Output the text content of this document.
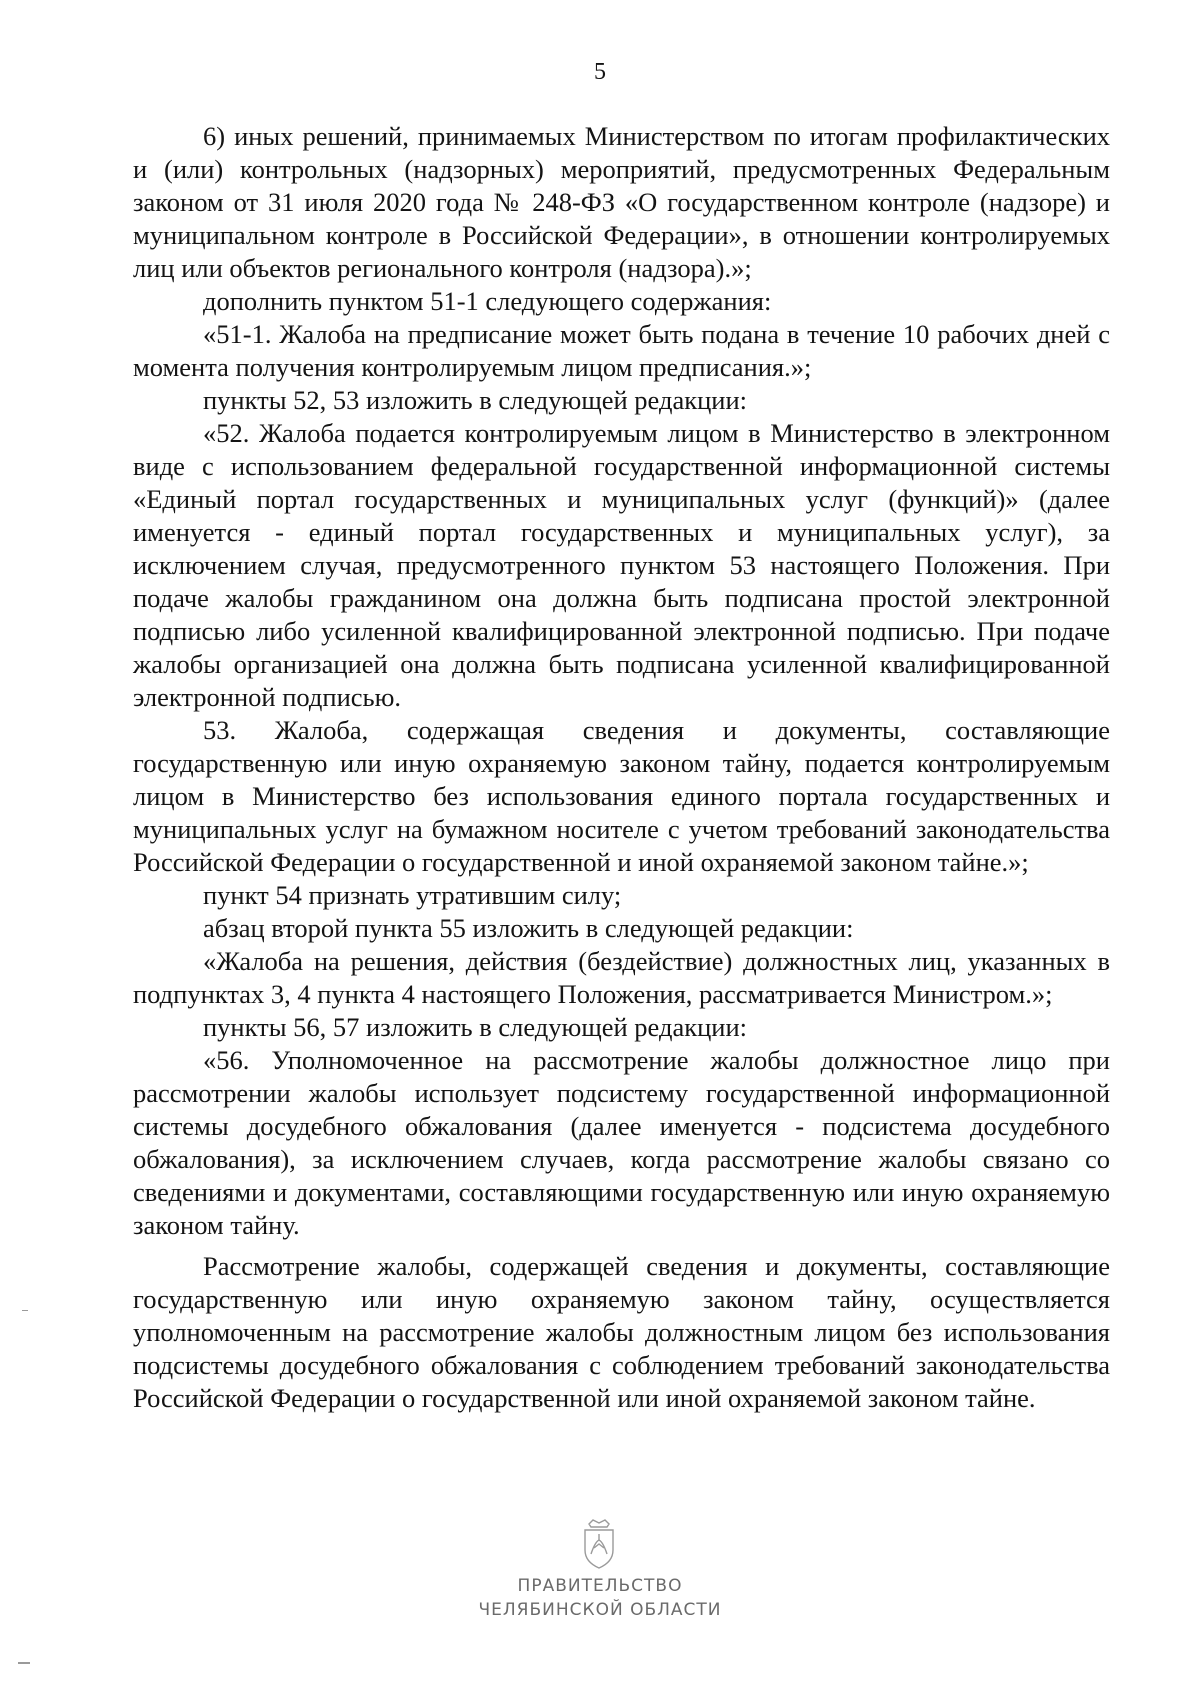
5

6) иных решений, принимаемых Министерством по итогам профилактических и (или) контрольных (надзорных) мероприятий, предусмотренных Федеральным законом от 31 июля 2020 года № 248-ФЗ «О государственном контроле (надзоре) и муниципальном контроле в Российской Федерации», в отношении контролируемых лиц или объектов регионального контроля (надзора).»;

дополнить пунктом 51-1 следующего содержания:

«51-1. Жалоба на предписание может быть подана в течение 10 рабочих дней с момента получения контролируемым лицом предписания.»;

пункты 52, 53 изложить в следующей редакции:

«52. Жалоба подается контролируемым лицом в Министерство в электронном виде с использованием федеральной государственной информационной системы «Единый портал государственных и муниципальных услуг (функций)» (далее именуется - единый портал государственных и муниципальных услуг), за исключением случая, предусмотренного пунктом 53 настоящего Положения. При подаче жалобы гражданином она должна быть подписана простой электронной подписью либо усиленной квалифицированной электронной подписью. При подаче жалобы организацией она должна быть подписана усиленной квалифицированной электронной подписью.

53. Жалоба, содержащая сведения и документы, составляющие государственную или иную охраняемую законом тайну, подается контролируемым лицом в Министерство без использования единого портала государственных и муниципальных услуг на бумажном носителе с учетом требований законодательства Российской Федерации о государственной и иной охраняемой законом тайне.»;

пункт 54 признать утратившим силу;

абзац второй пункта 55 изложить в следующей редакции:

«Жалоба на решения, действия (бездействие) должностных лиц, указанных в подпунктах 3, 4 пункта 4 настоящего Положения, рассматривается Министром.»;

пункты 56, 57 изложить в следующей редакции:

«56. Уполномоченное на рассмотрение жалобы должностное лицо при рассмотрении жалобы использует подсистему государственной информационной системы досудебного обжалования (далее именуется - подсистема досудебного обжалования), за исключением случаев, когда рассмотрение жалобы связано со сведениями и документами, составляющими государственную или иную охраняемую законом тайну.

Рассмотрение жалобы, содержащей сведения и документы, составляющие государственную или иную охраняемую законом тайну, осуществляется уполномоченным на рассмотрение жалобы должностным лицом без использования подсистемы досудебного обжалования с соблюдением требований законодательства Российской Федерации о государственной или иной охраняемой законом тайне.

ПРАВИТЕЛЬСТВО
ЧЕЛЯБИНСКОЙ ОБЛАСТИ
